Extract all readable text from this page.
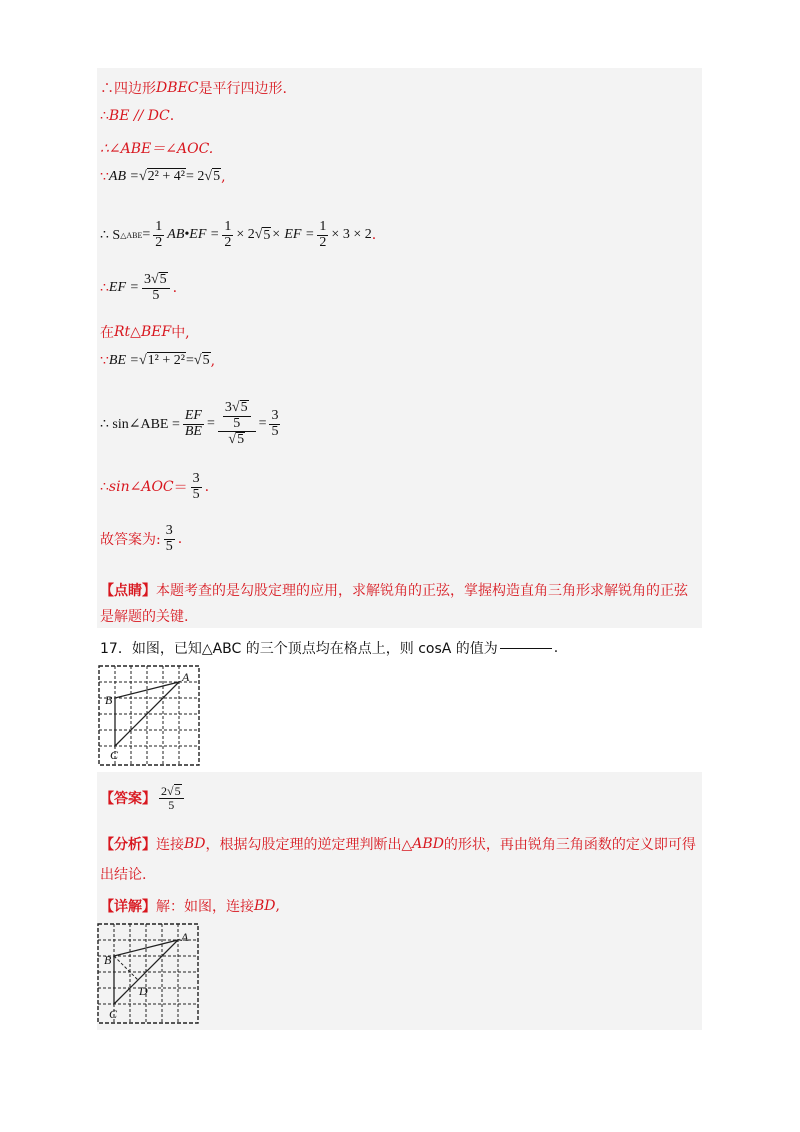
∴四边形 DBEC 是平行四边形.
∴ BE // DC .
∴∠ABE＝∠AOC.
∵ AB = √ 2² + 4² = 2 √ 5 ,
∴ S △ABE = $\frac{1}{2}$ AB•EF = $\frac{1}{2} \times 2$ √ 5 × EF = $\frac{1}{2} \times 3 \times 2$ .
∴ EF = $\frac{3 √ 5}{5}$ .
在 Rt △ BEF 中,
∵ BE = √ 1² + 2² = √ 5 ,
∴ sin∠ABE = $\frac{EF}{BE} = \frac{3 √ 5}{5}$
√ $5 = \frac{3}{5}$
∴ sin∠AOC ＝ $\frac{3}{5}$ .
故答案为: $\frac{3}{5}$ .
【点睛】 本题考查的是勾股定理的应用，求解锐角的正弦，掌握构造直角三角形求解锐角的正弦
是解题的关键.
17． 如图，已知△ABC 的三个顶点均在格点上，则 cosA 的值为	.
A
B
C
【答案】 $\frac{2 √ 5}{5}$
【分析】 连接 BD ，根据勾股定理的逆定理判断出△ ABD 的形状，再由锐角三角函数的定义即可得
出结论.
【详解】 解：如图，连接 BD ,
A
B
D
C
